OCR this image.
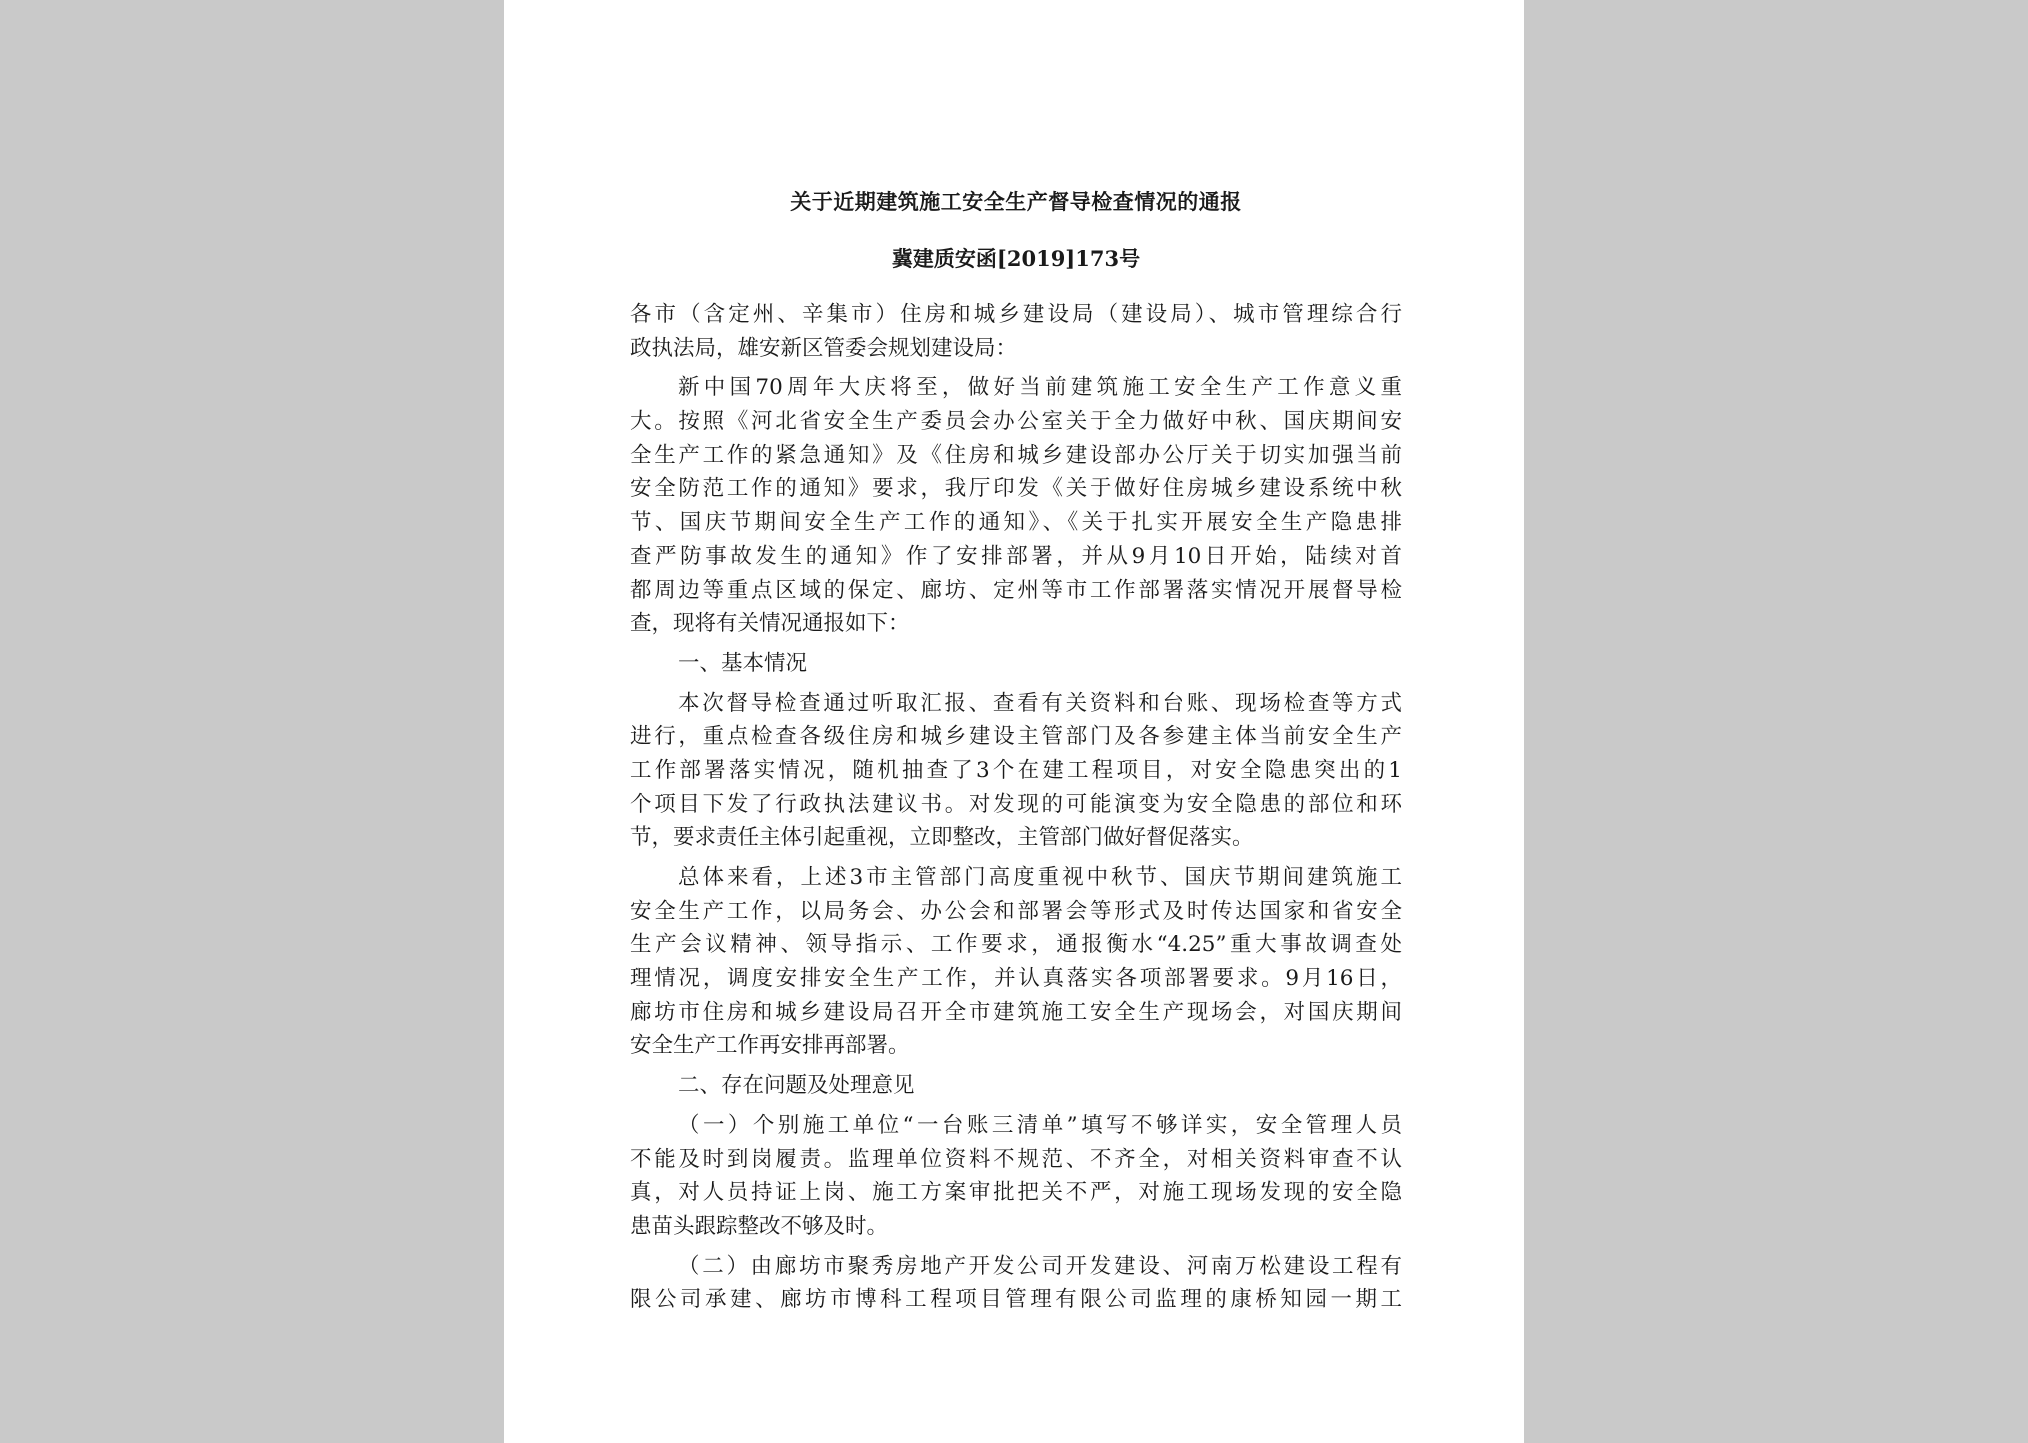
关于近期建筑施工安全生产督导检查情况的通报
冀建质安函[2019]173号
各市（含定州、辛集市）住房和城乡建设局（建设局）、城市管理综合行
政执法局，雄安新区管委会规划建设局：
新中国70周年大庆将至，做好当前建筑施工安全生产工作意义重
大。按照《河北省安全生产委员会办公室关于全力做好中秋、国庆期间安
全生产工作的紧急通知》及《住房和城乡建设部办公厅关于切实加强当前
安全防范工作的通知》要求，我厅印发《关于做好住房城乡建设系统中秋
节、国庆节期间安全生产工作的通知》、《关于扎实开展安全生产隐患排
查严防事故发生的通知》作了安排部署，并从9月10日开始，陆续对首
都周边等重点区域的保定、廊坊、定州等市工作部署落实情况开展督导检
查，现将有关情况通报如下：
一、基本情况
本次督导检查通过听取汇报、查看有关资料和台账、现场检查等方式
进行，重点检查各级住房和城乡建设主管部门及各参建主体当前安全生产
工作部署落实情况，随机抽查了3个在建工程项目，对安全隐患突出的1
个项目下发了行政执法建议书。对发现的可能演变为安全隐患的部位和环
节，要求责任主体引起重视，立即整改，主管部门做好督促落实。
总体来看，上述3市主管部门高度重视中秋节、国庆节期间建筑施工
安全生产工作，以局务会、办公会和部署会等形式及时传达国家和省安全
生产会议精神、领导指示、工作要求，通报衡水“4.25”重大事故调查处
理情况，调度安排安全生产工作，并认真落实各项部署要求。9月16日，
廊坊市住房和城乡建设局召开全市建筑施工安全生产现场会，对国庆期间
安全生产工作再安排再部署。
二、存在问题及处理意见
（一）个别施工单位“一台账三清单”填写不够详实，安全管理人员
不能及时到岗履责。监理单位资料不规范、不齐全，对相关资料审查不认
真，对人员持证上岗、施工方案审批把关不严，对施工现场发现的安全隐
患苗头跟踪整改不够及时。
（二）由廊坊市聚秀房地产开发公司开发建设、河南万松建设工程有
限公司承建、廊坊市博科工程项目管理有限公司监理的康桥知园一期工
